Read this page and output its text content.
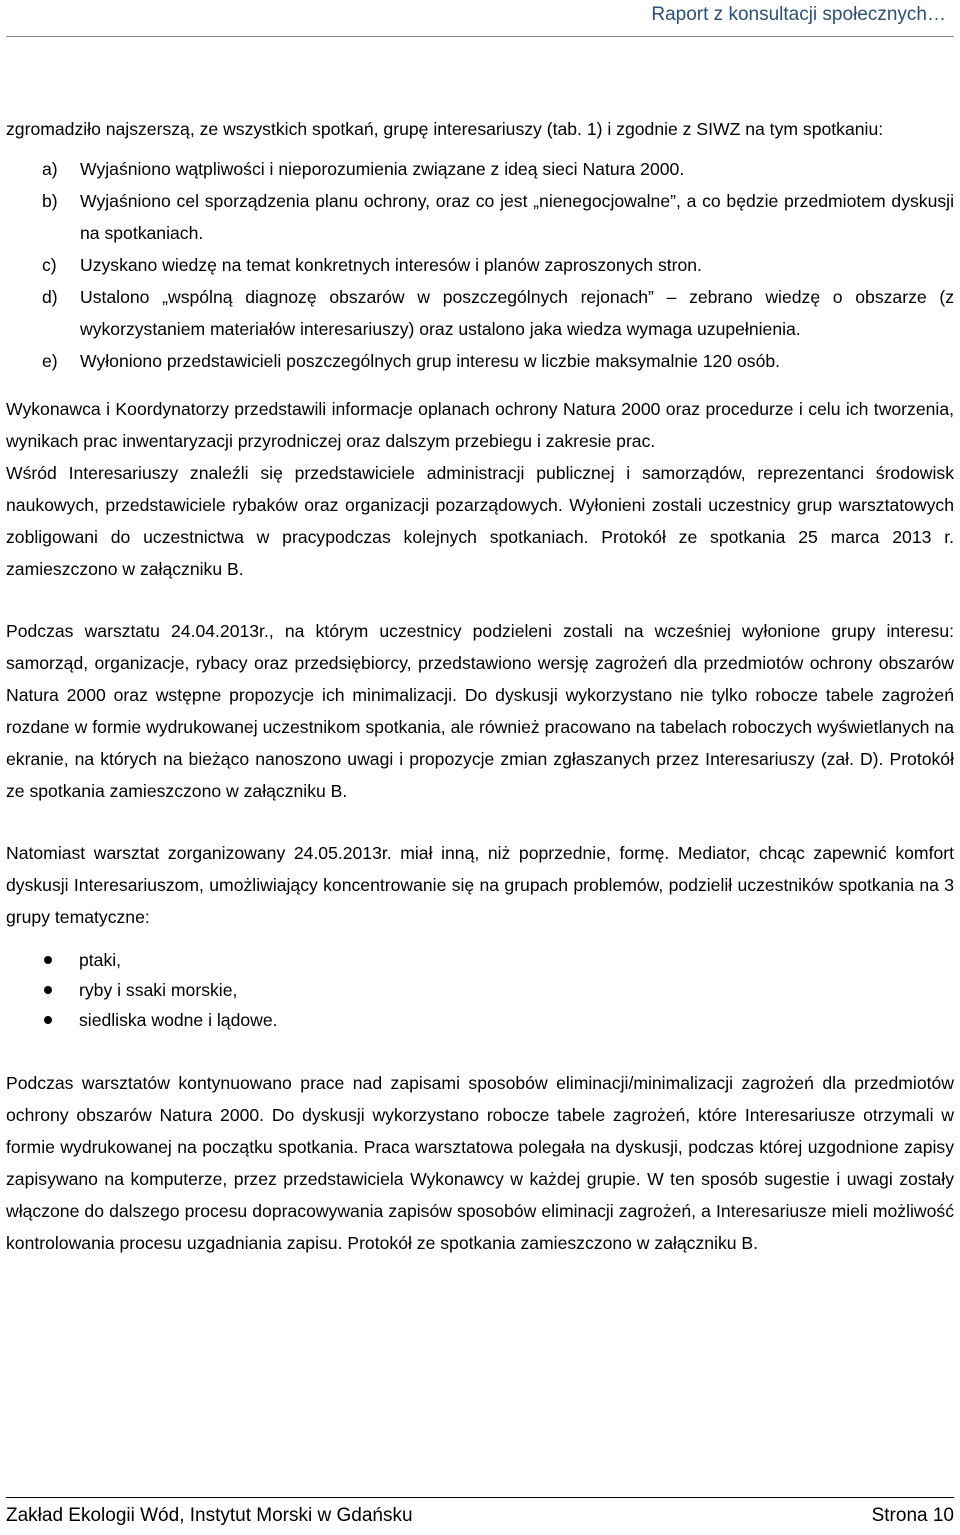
Raport z konsultacji społecznych…

zgromadziło najszerszą, ze wszystkich spotkań, grupę interesariuszy (tab. 1) i zgodnie z SIWZ na tym spotkaniu:

a) Wyjaśniono wątpliwości i nieporozumienia związane z ideą sieci Natura 2000.
b) Wyjaśniono cel sporządzenia planu ochrony, oraz co jest „nienegocjowalne”, a co będzie przedmiotem dyskusji na spotkaniach.
c) Uzyskano wiedzę na temat konkretnych interesów i planów zaproszonych stron.
d) Ustalono „wspólną diagnozę obszarów w poszczególnych rejonach” – zebrano wiedzę o obszarze (z wykorzystaniem materiałów interesariuszy) oraz ustalono jaka wiedza wymaga uzupełnienia.
e) Wyłoniono przedstawicieli poszczególnych grup interesu w liczbie maksymalnie 120 osób.

Wykonawca i Koordynatorzy przedstawili informacje oplanach ochrony Natura 2000 oraz procedurze i celu ich tworzenia, wynikach prac inwentaryzacji przyrodniczej oraz dalszym przebiegu i zakresie prac.

Wśród Interesariuszy znaleźli się przedstawiciele administracji publicznej i samorządów, reprezentanci środowisk naukowych, przedstawiciele rybaków oraz organizacji pozarządowych. Wyłonieni zostali uczestnicy grup warsztatowych zobligowani do uczestnictwa w pracypodczas kolejnych spotkaniach. Protokół ze spotkania 25 marca 2013 r. zamieszczono w załączniku B.

Podczas warsztatu 24.04.2013r., na którym uczestnicy podzieleni zostali na wcześniej wyłonione grupy interesu: samorząd, organizacje, rybacy oraz przedsiębiorcy, przedstawiono wersję zagrożeń dla przedmiotów ochrony obszarów Natura 2000 oraz wstępne propozycje ich minimalizacji. Do dyskusji wykorzystano nie tylko robocze tabele zagrożeń rozdane w formie wydrukowanej uczestnikom spotkania, ale również pracowano na tabelach roboczych wyświetlanych na ekranie, na których na bieżąco nanoszono uwagi i propozycje zmian zgłaszanych przez Interesariuszy (zał. D). Protokół ze spotkania zamieszczono w załączniku B.

Natomiast warsztat zorganizowany 24.05.2013r. miał inną, niż poprzednie, formę. Mediator, chcąc zapewnić komfort dyskusji Interesariuszom, umożliwiający koncentrowanie się na grupach problemów, podzielił uczestników spotkania na 3 grupy tematyczne:

ptaki,
ryby i ssaki morskie,
siedliska wodne i lądowe.

Podczas warsztatów kontynuowano prace nad zapisami sposobów eliminacji/minimalizacji zagrożeń dla przedmiotów ochrony obszarów Natura 2000. Do dyskusji wykorzystano robocze tabele zagrożeń, które Interesariusze otrzymali w formie wydrukowanej na początku spotkania. Praca warsztatowa polegała na dyskusji, podczas której uzgodnione zapisy zapisywano na komputerze, przez przedstawiciela Wykonawcy w każdej grupie. W ten sposób sugestie i uwagi zostały włączone do dalszego procesu dopracowywania zapisów sposobów eliminacji zagrożeń, a Interesariusze mieli możliwość kontrolowania procesu uzgadniania zapisu. Protokół ze spotkania zamieszczono w załączniku B.

Zakład Ekologii Wód, Instytut Morski w Gdańsku	Strona 10
